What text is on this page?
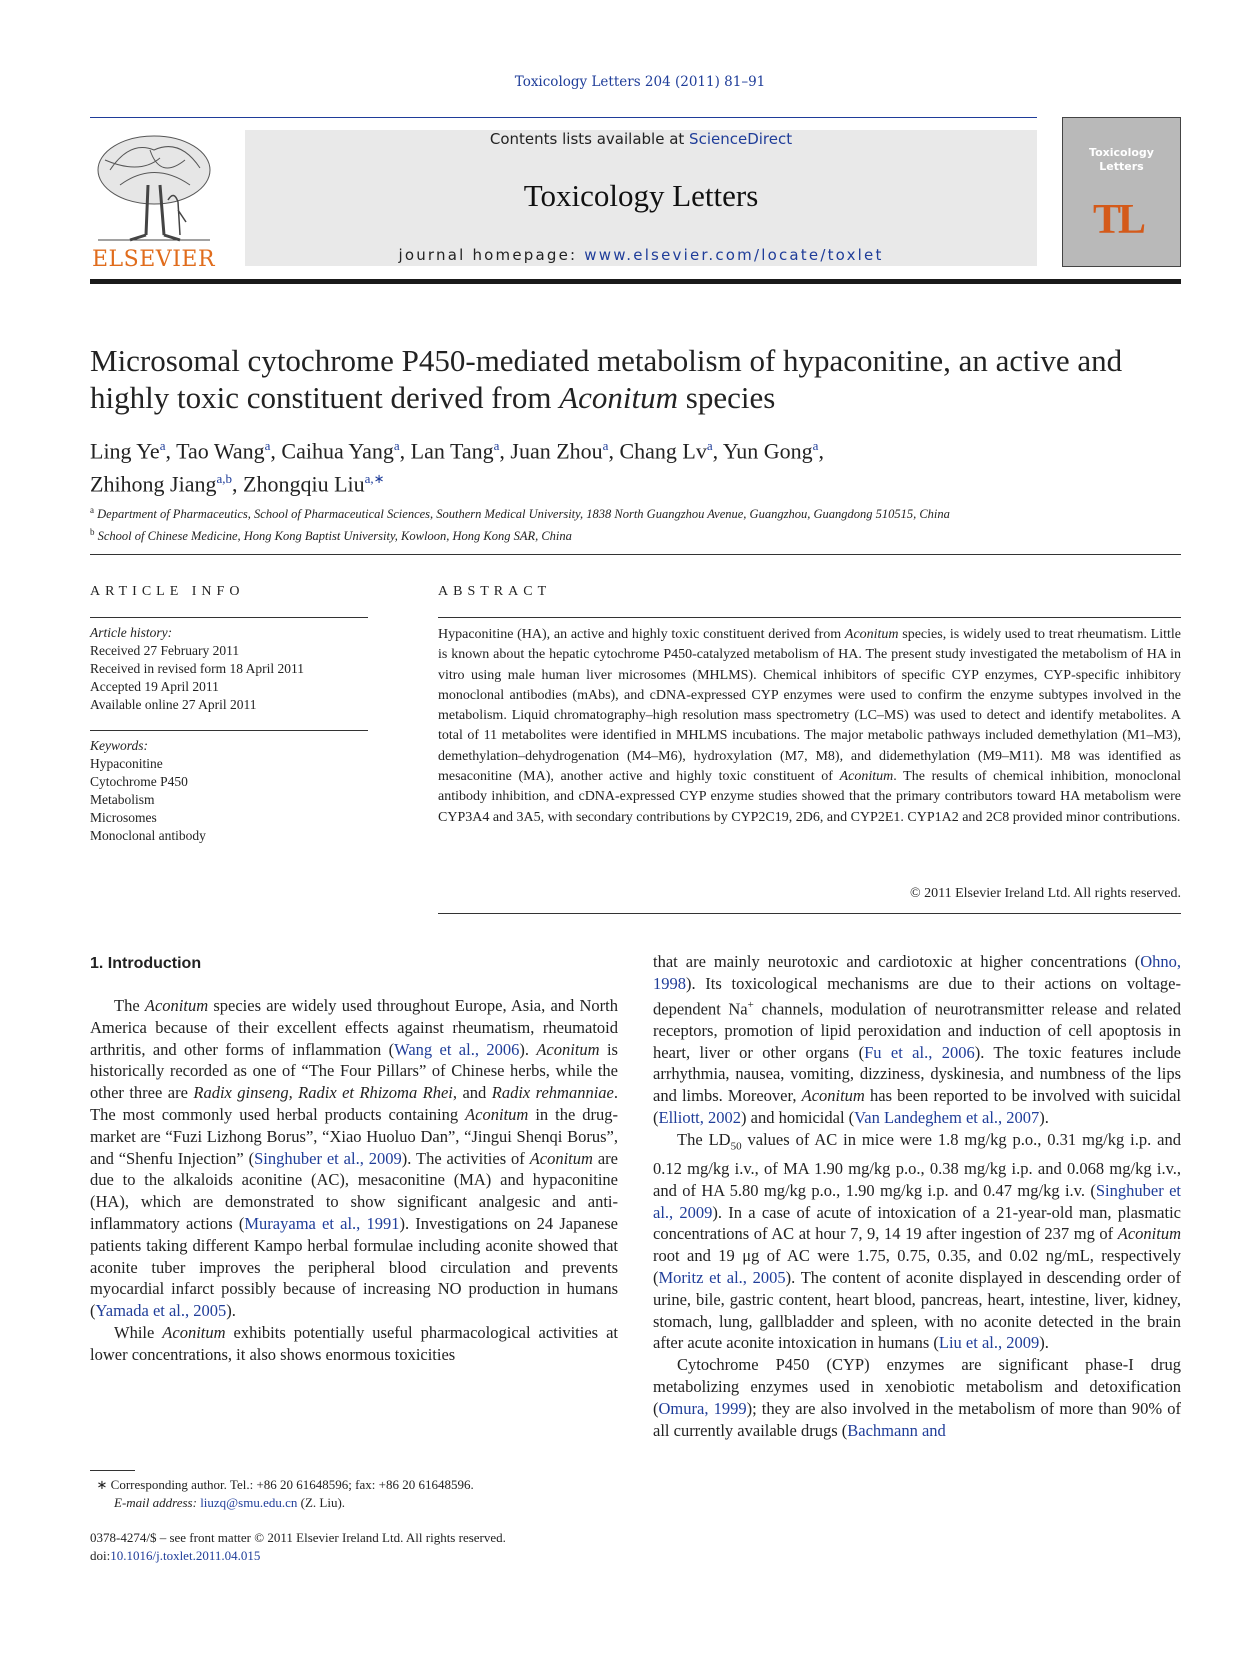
Toxicology Letters 204 (2011) 81–91
ELSEVIER
Contents lists available at ScienceDirect
Toxicology Letters
journal homepage: www.elsevier.com/locate/toxlet
Toxicology
Letters
TL
Microsomal cytochrome P450-mediated metabolism of hypaconitine, an active and highly toxic constituent derived from Aconitum species
Ling Ye$^a$, Tao Wang$^a$, Caihua Yang$^a$, Lan Tang$^a$, Juan Zhou$^a$, Chang Lv$^a$, Yun Gong$^a$,
Zhihong Jiang$^{a,b}$, Zhongqiu Liu$^{a,∗}$
$^a$ Department of Pharmaceutics, School of Pharmaceutical Sciences, Southern Medical University, 1838 North Guangzhou Avenue, Guangzhou, Guangdong 510515, China
$^b$ School of Chinese Medicine, Hong Kong Baptist University, Kowloon, Hong Kong SAR, China
ARTICLE INFO
Article history:
Received 27 February 2011
Received in revised form 18 April 2011
Accepted 19 April 2011
Available online 27 April 2011
Keywords:
Hypaconitine
Cytochrome P450
Metabolism
Microsomes
Monoclonal antibody
ABSTRACT
Hypaconitine (HA), an active and highly toxic constituent derived from Aconitum species, is widely used to treat rheumatism. Little is known about the hepatic cytochrome P450-catalyzed metabolism of HA. The present study investigated the metabolism of HA in vitro using male human liver microsomes (MHLMS). Chemical inhibitors of specific CYP enzymes, CYP-specific inhibitory monoclonal antibodies (mAbs), and cDNA-expressed CYP enzymes were used to confirm the enzyme subtypes involved in the metabolism. Liquid chromatography–high resolution mass spectrometry (LC–MS) was used to detect and identify metabolites. A total of 11 metabolites were identified in MHLMS incubations. The major metabolic pathways included demethylation (M1–M3), demethylation–dehydrogenation (M4–M6), hydroxylation (M7, M8), and didemethylation (M9–M11). M8 was identified as mesaconitine (MA), another active and highly toxic constituent of Aconitum. The results of chemical inhibition, monoclonal antibody inhibition, and cDNA-expressed CYP enzyme studies showed that the primary contributors toward HA metabolism were CYP3A4 and 3A5, with secondary contributions by CYP2C19, 2D6, and CYP2E1. CYP1A2 and 2C8 provided minor contributions.
© 2011 Elsevier Ireland Ltd. All rights reserved.
1. Introduction

The Aconitum species are widely used throughout Europe, Asia, and North America because of their excellent effects against rheumatism, rheumatoid arthritis, and other forms of inflammation (Wang et al., 2006). Aconitum is historically recorded as one of “The Four Pillars” of Chinese herbs, while the other three are Radix ginseng, Radix et Rhizoma Rhei, and Radix rehmanniae. The most commonly used herbal products containing Aconitum in the drug-market are “Fuzi Lizhong Borus”, “Xiao Huoluo Dan”, “Jingui Shenqi Borus”, and “Shenfu Injection” (Singhuber et al., 2009). The activities of Aconitum are due to the alkaloids aconitine (AC), mesaconitine (MA) and hypaconitine (HA), which are demonstrated to show significant analgesic and anti-inflammatory actions (Murayama et al., 1991). Investigations on 24 Japanese patients taking different Kampo herbal formulae including aconite showed that aconite tuber improves the peripheral blood circulation and prevents myocardial infarct possibly because of increasing NO production in humans (Yamada et al., 2005).

While Aconitum exhibits potentially useful pharmacological activities at lower concentrations, it also shows enormous toxicities

that are mainly neurotoxic and cardiotoxic at higher concentrations (Ohno, 1998). Its toxicological mechanisms are due to their actions on voltage-dependent Na+ channels, modulation of neurotransmitter release and related receptors, promotion of lipid peroxidation and induction of cell apoptosis in heart, liver or other organs (Fu et al., 2006). The toxic features include arrhythmia, nausea, vomiting, dizziness, dyskinesia, and numbness of the lips and limbs. Moreover, Aconitum has been reported to be involved with suicidal (Elliott, 2002) and homicidal (Van Landeghem et al., 2007).

The $LD_{50}$ values of AC in mice were 1.8 mg/kg p.o., 0.31 mg/kg i.p. and 0.12 mg/kg i.v., of MA 1.90 mg/kg p.o., 0.38 mg/kg i.p. and 0.068 mg/kg i.v., and of HA 5.80 mg/kg p.o., 1.90 mg/kg i.p. and 0.47 mg/kg i.v. (Singhuber et al., 2009). In a case of acute of intoxication of a 21-year-old man, plasmatic concentrations of AC at hour 7, 9, 14 19 after ingestion of 237 mg of Aconitum root and 19 μg of AC were 1.75, 0.75, 0.35, and 0.02 ng/mL, respectively (Moritz et al., 2005). The content of aconite displayed in descending order of urine, bile, gastric content, heart blood, pancreas, heart, intestine, liver, kidney, stomach, lung, gallbladder and spleen, with no aconite detected in the brain after acute aconite intoxication in humans (Liu et al., 2009).

Cytochrome P450 (CYP) enzymes are significant phase-I drug metabolizing enzymes used in xenobiotic metabolism and detoxification (Omura, 1999); they are also involved in the metabolism of more than 90% of all currently available drugs (Bachmann and

∗ Corresponding author. Tel.: +86 20 61648596; fax: +86 20 61648596.
E-mail address: liuzq@smu.edu.cn (Z. Liu).
0378-4274/$ – see front matter © 2011 Elsevier Ireland Ltd. All rights reserved.
doi:10.1016/j.toxlet.2011.04.015
